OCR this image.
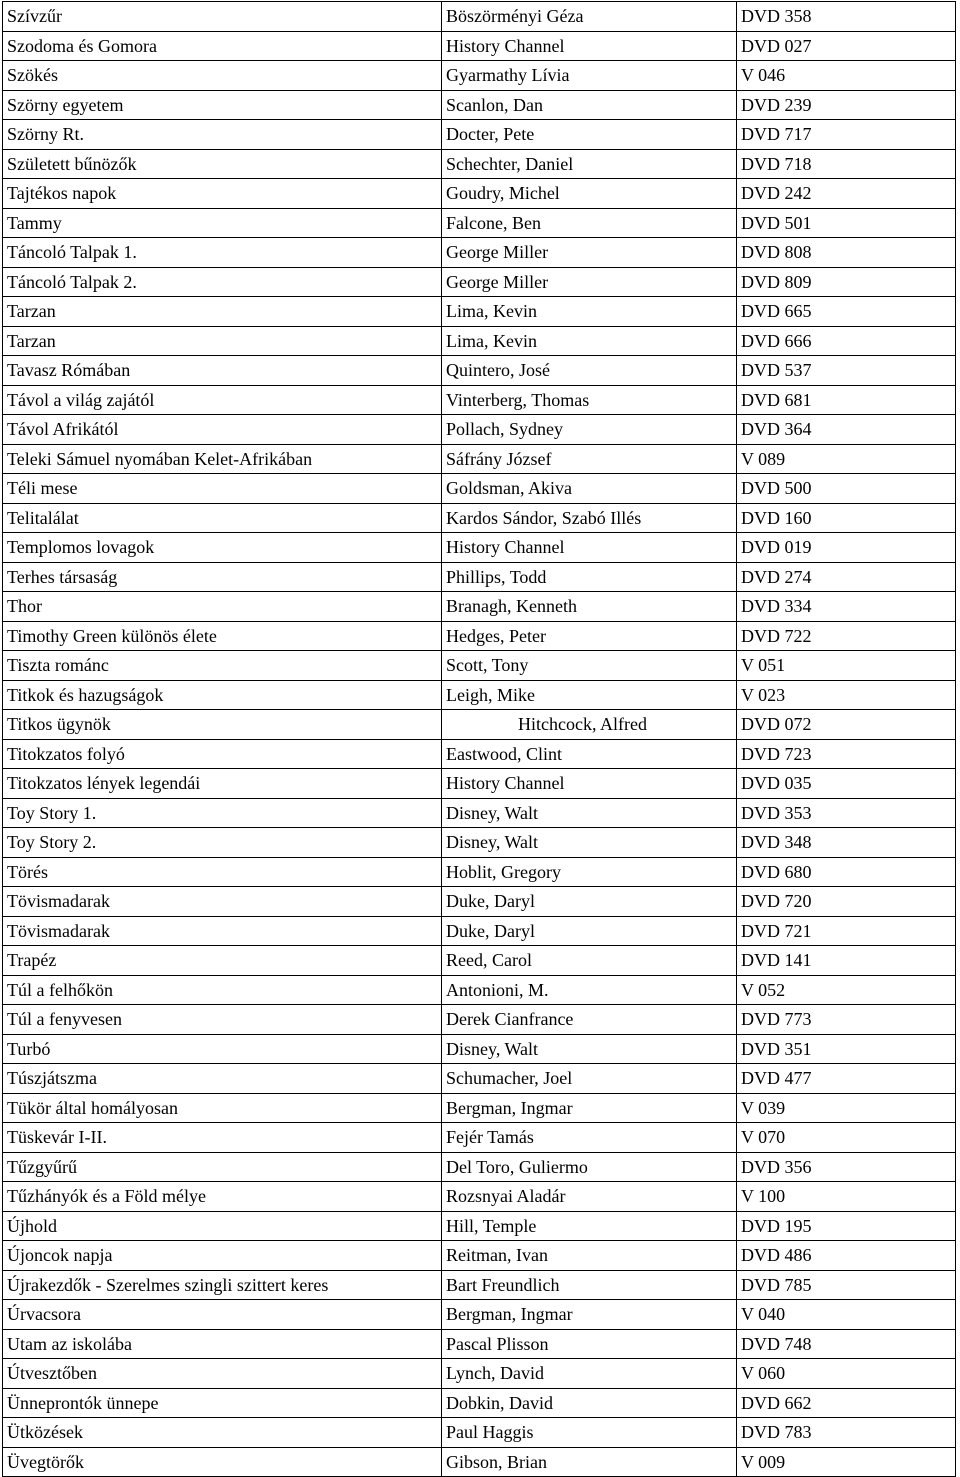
Szívzűr	Böszörményi Géza	DVD 358
Szodoma és Gomora	History Channel	DVD 027
Szökés	Gyarmathy Lívia	V 046
Szörny egyetem	Scanlon, Dan	DVD 239
Szörny Rt.	Docter, Pete	DVD 717
Született bűnözők	Schechter, Daniel	DVD 718
Tajtékos napok	Goudry, Michel	DVD 242
Tammy	Falcone, Ben	DVD 501
Táncoló Talpak 1.	George Miller	DVD 808
Táncoló Talpak 2.	George Miller	DVD 809
Tarzan	Lima, Kevin	DVD 665
Tarzan	Lima, Kevin	DVD 666
Tavasz Rómában	Quintero, José	DVD 537
Távol a világ zajától	Vinterberg, Thomas	DVD 681
Távol Afrikától	Pollach, Sydney	DVD 364
Teleki Sámuel nyomában Kelet-Afrikában	Sáfrány József	V 089
Téli mese	Goldsman, Akiva	DVD 500
Telitalálat	Kardos Sándor, Szabó Illés	DVD 160
Templomos lovagok	History Channel	DVD 019
Terhes társaság	Phillips, Todd	DVD 274
Thor	Branagh, Kenneth	DVD 334
Timothy Green különös élete	Hedges, Peter	DVD 722
Tiszta románc	Scott, Tony	V 051
Titkok és hazugságok	Leigh, Mike	V 023
Titkos ügynök	Hitchcock, Alfred	DVD 072
Titokzatos folyó	Eastwood, Clint	DVD 723
Titokzatos lények legendái	History Channel	DVD 035
Toy Story 1.	Disney, Walt	DVD 353
Toy Story 2.	Disney, Walt	DVD 348
Törés	Hoblit, Gregory	DVD 680
Tövismadarak	Duke, Daryl	DVD 720
Tövismadarak	Duke, Daryl	DVD 721
Trapéz	Reed, Carol	DVD 141
Túl a felhőkön	Antonioni, M.	V 052
Túl a fenyvesen	Derek Cianfrance	DVD 773
Turbó	Disney, Walt	DVD 351
Túszjátszma	Schumacher, Joel	DVD 477
Tükör által homályosan	Bergman, Ingmar	V 039
Tüskevár I-II.	Fejér Tamás	V 070
Tűzgyűrű	Del Toro, Guliermo	DVD 356
Tűzhányók és a Föld mélye	Rozsnyai Aladár	V 100
Újhold	Hill, Temple	DVD 195
Újoncok napja	Reitman, Ivan	DVD 486
Újrakezdők - Szerelmes szingli szittert keres	Bart Freundlich	DVD 785
Úrvacsora	Bergman, Ingmar	V 040
Utam az iskolába	Pascal Plisson	DVD 748
Útvesztőben	Lynch, David	V 060
Ünneprontók ünnepe	Dobkin, David	DVD 662
Ütközések	Paul Haggis	DVD 783
Üvegtörők	Gibson, Brian	V 009
